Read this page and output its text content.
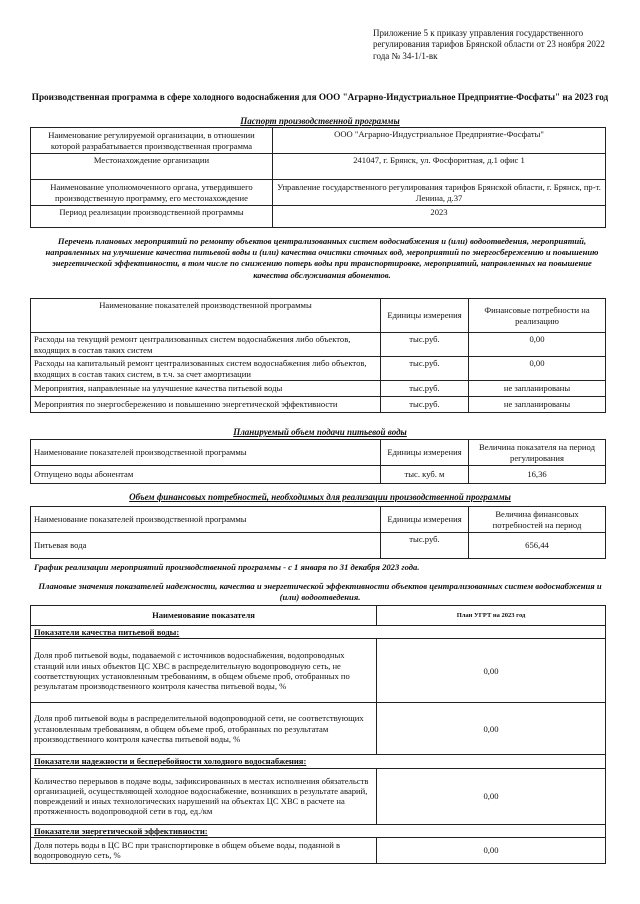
Приложение 5 к приказу управления государственного регулирования тарифов Брянской области от 23 ноября 2022 года № 34-1/1-вк
Производственная программа в сфере холодного водоснабжения для ООО "Аграрно-Индустриальное Предприятие-Фосфаты" на 2023 год
Паспорт производственной программы
Наименование регулируемой организации, в отношении которой разрабатывается производственная программа	ООО "Аграрно-Индустриальное Предприятие-Фосфаты"
Местонахождение организации	241047, г. Брянск, ул. Фосфоритная, д.1 офис 1
Наименование уполномоченного органа, утвердившего производственную программу, его местонахождение	Управление государственного регулирования тарифов Брянской области, г. Брянск, пр-т. Ленина, д.37
Период реализации производственной программы	2023
Перечень плановых мероприятий по ремонту объектов централизованных систем водоснабжения и (или) водоотведения, мероприятий, направленных на улучшение качества питьевой воды и (или) качества очистки сточных вод, мероприятий по энергосбережению и повышению энергетической эффективности, в том числе по снижению потерь воды при транспортировке, мероприятий, направленных на повышение качества обслуживания абонентов.
Наименование показателей производственной программы	Единицы измерения	Финансовые потребности на реализацию
Расходы на текущий ремонт централизованных систем водоснабжения либо объектов, входящих в состав таких систем	тыс.руб.	0,00
Расходы на капитальный ремонт централизованных систем водоснабжения либо объектов, входящих в состав таких систем, в т.ч. за счет амортизации	тыс.руб.	0,00
Мероприятия, направленные на улучшение качества питьевой воды	тыс.руб.	не запланированы
Мероприятия по энергосбережению и повышению энергетической эффективности	тыс.руб.	не запланированы
Планируемый объем подачи питьевой воды
Наименование показателей производственной программы	Единицы измерения	Величина показателя на период регулирования
Отпущено воды абонентам	тыс. куб. м	16,36
Объем финансовых потребностей, необходимых для реализации производственной программы
Наименование показателей производственной программы	Единицы измерения	Величина финансовых потребностей на период
Питьевая вода	тыс.руб.	656,44
График реализации мероприятий производственной программы - с 1 января по 31 декабря 2023 года.
Плановые значения показателей надежности, качества и энергетической эффективности объектов централизованных систем водоснабжения и (или) водоотведения.
Наименование показателя	План УГРТ на 2023 год
Показатели качества питьевой воды:	
Доля проб питьевой воды, подаваемой с источников водоснабжения, водопроводных станций или иных объектов ЦС ХВС в распределительную водопроводную сеть, не соответствующих установленным требованиям, в общем объеме проб, отобранных по результатам производственного контроля качества питьевой воды, %	0,00
Доля проб питьевой воды в распределительной водопроводной сети, не соответствующих установленным требованиям, в общем объеме проб, отобранных по результатам производственного контроля качества питьевой воды, %	0,00
Показатели надежности и бесперебойности холодного водоснабжения:	
Количество перерывов в подаче воды, зафиксированных в местах исполнения обязательств организацией, осуществляющей холодное водоснабжение, возникших в результате аварий, повреждений и иных технологических нарушений на объектах ЦС ХВС в расчете на протяженность водопроводной сети в год, ед./км	0,00
Показатели энергетической эффективности:	
Доля потерь воды в ЦС ВС при транспортировке в общем объеме воды, поданной в водопроводную сеть, %	0,00
